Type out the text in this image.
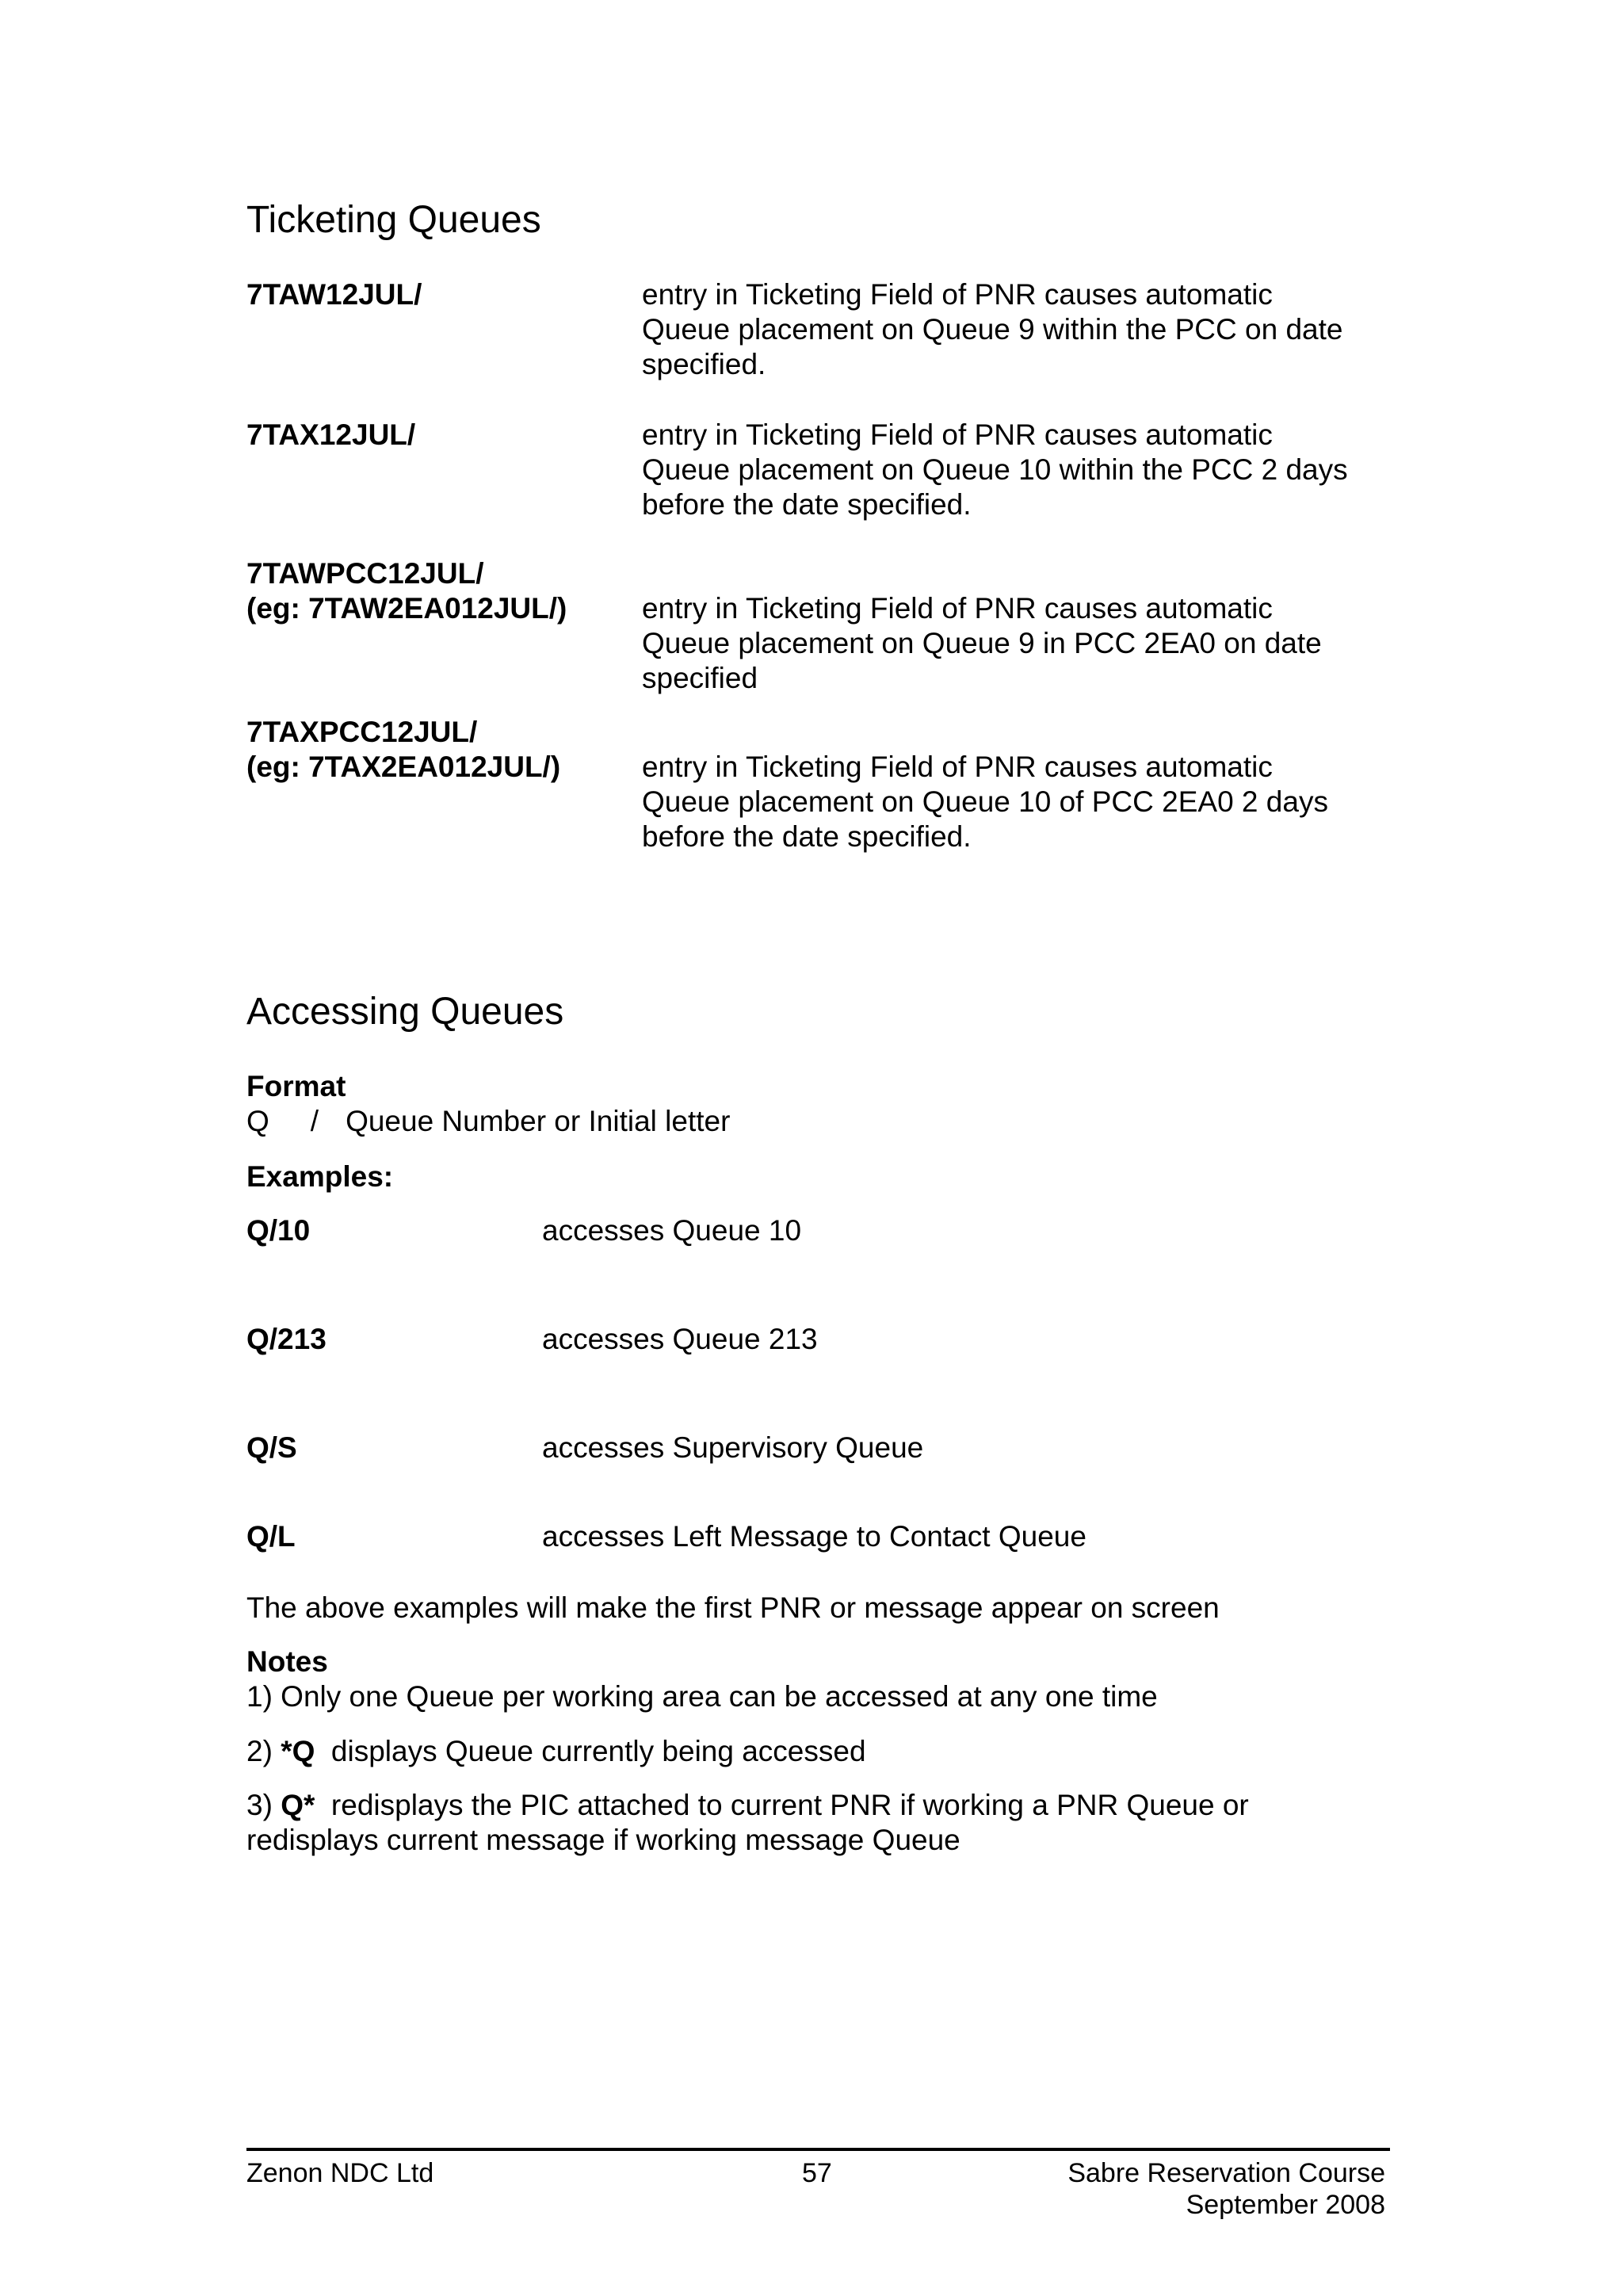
Ticketing Queues
7TAW12JUL/	entry in Ticketing Field of PNR causes automatic
Queue placement on Queue 9 within the PCC on date
specified.
7TAX12JUL/	entry in Ticketing Field of PNR causes automatic
Queue placement on Queue 10 within the PCC 2 days
before the date specified.
7TAWPCC12JUL/
(eg: 7TAW2EA012JUL/)	entry in Ticketing Field of PNR causes automatic
Queue placement on Queue 9 in PCC 2EA0 on date
specified
7TAXPCC12JUL/
(eg: 7TAX2EA012JUL/)	entry in Ticketing Field of PNR causes automatic
Queue placement on Queue 10 of PCC 2EA0 2 days
before the date specified.
Accessing Queues
Format
Q / Queue Number or Initial letter
Examples:
Q/10	accesses Queue 10
Q/213	accesses Queue 213
Q/S	accesses Supervisory Queue
Q/L	accesses Left Message to Contact Queue
The above examples will make the first PNR or message appear on screen
Notes
1) Only one Queue per working area can be accessed at any one time
2) *Q  displays Queue currently being accessed
3) Q*  redisplays the PIC attached to current PNR if working a PNR Queue or
redisplays current message if working message Queue
Zenon NDC Ltd	57	Sabre Reservation Course
September 2008
